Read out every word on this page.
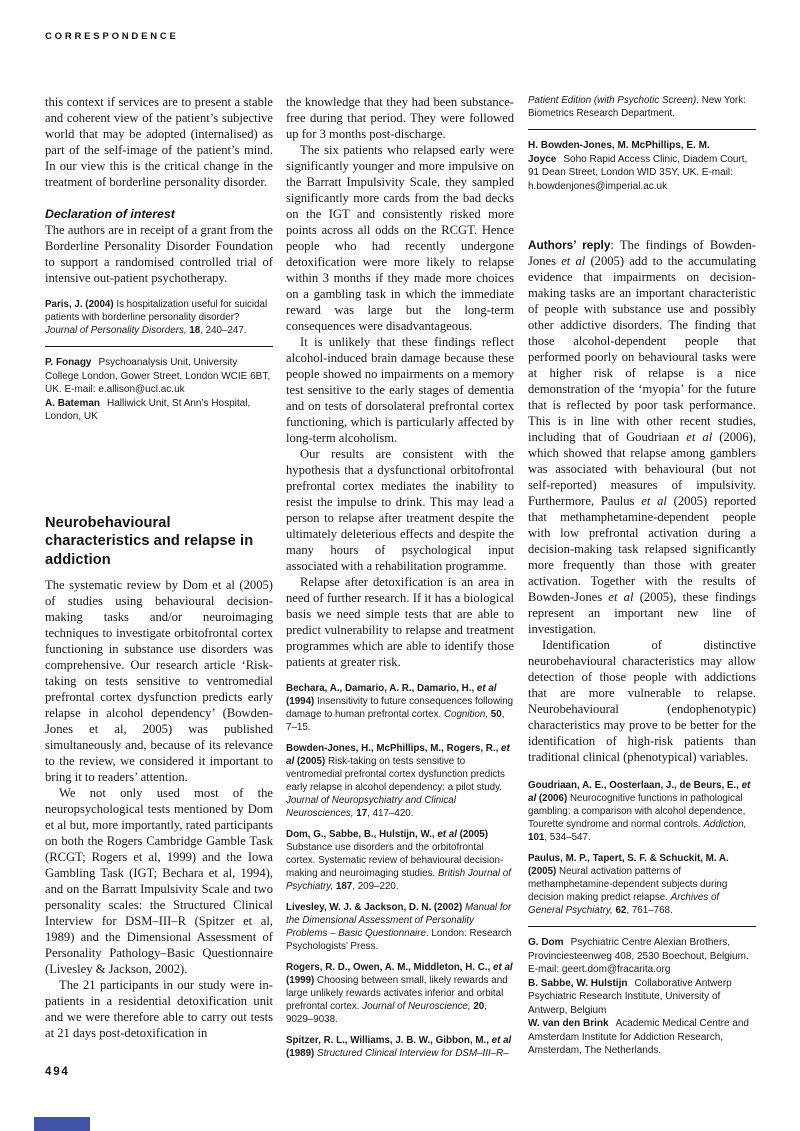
CORRESPONDENCE

this context if services are to present a stable and coherent view of the patient’s subjective world that may be adopted (internalised) as part of the self-image of the patient’s mind. In our view this is the critical change in the treatment of borderline personality disorder.

Declaration of interest

The authors are in receipt of a grant from the Borderline Personality Disorder Foundation to support a randomised controlled trial of intensive out-patient psychotherapy.

Paris, J. (2004) Is hospitalization useful for suicidal patients with borderline personality disorder? Journal of Personality Disorders, 18, 240–247.
P. Fonagy Psychoanalysis Unit, University College London, Gower Street, London WCIE 6BT, UK. E-mail: e.allison@ucl.ac.uk
A. Bateman Halliwick Unit, St Ann’s Hospital, London, UK
Neurobehavioural characteristics and relapse in addiction

The systematic review by Dom et al (2005) of studies using behavioural decision-making tasks and/or neuroimaging techniques to investigate orbitofrontal cortex functioning in substance use disorders was comprehensive. Our research article ‘Risk-taking on tests sensitive to ventromedial prefrontal cortex dysfunction predicts early relapse in alcohol dependency’ (Bowden-Jones et al, 2005) was published simultaneously and, because of its relevance to the review, we considered it important to bring it to readers’ attention.

We not only used most of the neuropsychological tests mentioned by Dom et al but, more importantly, rated participants on both the Rogers Cambridge Gamble Task (RCGT; Rogers et al, 1999) and the Iowa Gambling Task (IGT; Bechara et al, 1994), and on the Barratt Impulsivity Scale and two personality scales: the Structured Clinical Interview for DSM–III–R (Spitzer et al, 1989) and the Dimensional Assessment of Personality Pathology–Basic Questionnaire (Livesley & Jackson, 2002).

The 21 participants in our study were in-patients in a residential detoxification unit and we were therefore able to carry out tests at 21 days post-detoxification in

the knowledge that they had been substance-free during that period. They were followed up for 3 months post-discharge.

The six patients who relapsed early were significantly younger and more impulsive on the Barratt Impulsivity Scale, they sampled significantly more cards from the bad decks on the IGT and consistently risked more points across all odds on the RCGT. Hence people who had recently undergone detoxification were more likely to relapse within 3 months if they made more choices on a gambling task in which the immediate reward was large but the long-term consequences were disadvantageous.

It is unlikely that these findings reflect alcohol-induced brain damage because these people showed no impairments on a memory test sensitive to the early stages of dementia and on tests of dorsolateral prefrontal cortex functioning, which is particularly affected by long-term alcoholism.

Our results are consistent with the hypothesis that a dysfunctional orbitofrontal prefrontal cortex mediates the inability to resist the impulse to drink. This may lead a person to relapse after treatment despite the ultimately deleterious effects and despite the many hours of psychological input associated with a rehabilitation programme.

Relapse after detoxification is an area in need of further research. If it has a biological basis we need simple tests that are able to predict vulnerability to relapse and treatment programmes which are able to identify those patients at greater risk.

Bechara, A., Damario, A. R., Damario, H., et al (1994) Insensitivity to future consequences following damage to human prefrontal cortex. Cognition, 50, 7–15.
Bowden-Jones, H., McPhillips, M., Rogers, R., et al (2005) Risk-taking on tests sensitive to ventromedial prefrontal cortex dysfunction predicts early relapse in alcohol dependency: a pilot study. Journal of Neuropsychiatry and Clinical Neurosciences, 17, 417–420.
Dom, G., Sabbe, B., Hulstijn, W., et al (2005) Substance use disorders and the orbitofrontal cortex. Systematic review of behavioural decision-making and neuroimaging studies. British Journal of Psychiatry, 187, 209–220.
Livesley, W. J. & Jackson, D. N. (2002) Manual for the Dimensional Assessment of Personality Problems – Basic Questionnaire. London: Research Psychologists’ Press.
Rogers, R. D., Owen, A. M., Middleton, H. C., et al (1999) Choosing between small, likely rewards and large unlikely rewards activates inferior and orbital prefrontal cortex. Journal of Neuroscience, 20, 9029–9038.
Spitzer, R. L., Williams, J. B. W., Gibbon, M., et al (1989) Structured Clinical Interview for DSM–III–R–
Patient Edition (with Psychotic Screen). New York: Biometrics Research Department.
H. Bowden-Jones, M. McPhillips, E. M. Joyce Soho Rapid Access Clinic, Diadem Court, 91 Dean Street, London WID 3SY, UK. E-mail: h.bowdenjones@imperial.ac.uk

Authors’ reply: The findings of Bowden-Jones et al (2005) add to the accumulating evidence that impairments on decision-making tasks are an important characteristic of people with substance use and possibly other addictive disorders. The finding that those alcohol-dependent people that performed poorly on behavioural tasks were at higher risk of relapse is a nice demonstration of the ‘myopia’ for the future that is reflected by poor task performance. This is in line with other recent studies, including that of Goudriaan et al (2006), which showed that relapse among gamblers was associated with behavioural (but not self-reported) measures of impulsivity. Furthermore, Paulus et al (2005) reported that methamphetamine-dependent people with low prefrontal activation during a decision-making task relapsed significantly more frequently than those with greater activation. Together with the results of Bowden-Jones et al (2005), these findings represent an important new line of investigation.

Identification of distinctive neurobehavioural characteristics may allow detection of those people with addictions that are more vulnerable to relapse. Neurobehavioural (endophenotypic) characteristics may prove to be better for the identification of high-risk patients than traditional clinical (phenotypical) variables.

Goudriaan, A. E., Oosterlaan, J., de Beurs, E., et al (2006) Neurocognitive functions in pathological gambling: a comparison with alcohol dependence, Tourette syndrome and normal controls. Addiction, 101, 534–547.
Paulus, M. P., Tapert, S. F. & Schuckit, M. A. (2005) Neural activation patterns of methamphetamine-dependent subjects during decision making predict relapse. Archives of General Psychiatry, 62, 761–768.
G. Dom Psychiatric Centre Alexian Brothers, Provinciesteenweg 408, 2530 Boechout, Belgium. E-mail: geert.dom@fracarita.org
B. Sabbe, W. Hulstijn Collaborative Antwerp Psychiatric Research Institute, University of Antwerp, Belgium
W. van den Brink Academic Medical Centre and Amsterdam Institute for Addiction Research, Amsterdam, The Netherlands.
494
